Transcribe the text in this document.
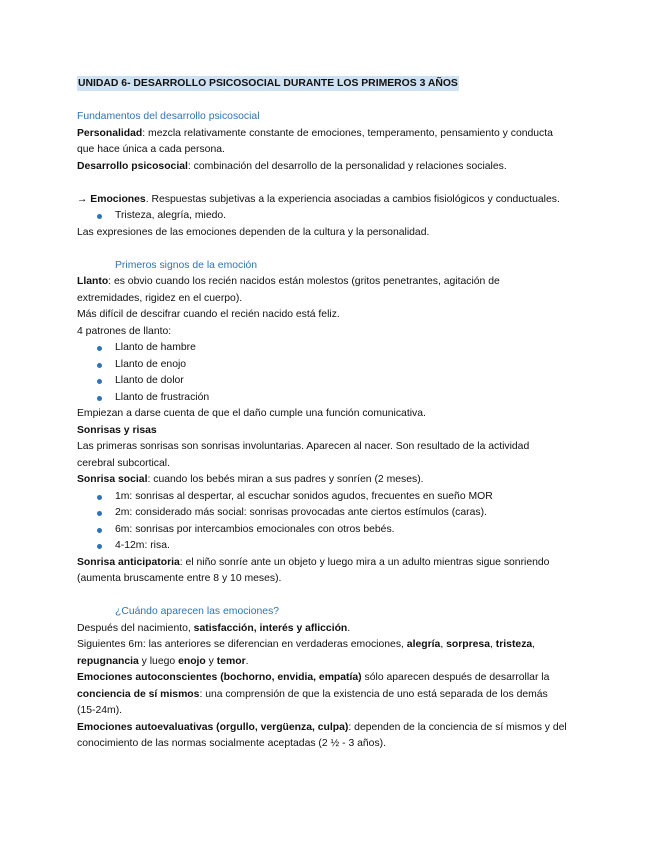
UNIDAD 6- DESARROLLO PSICOSOCIAL DURANTE LOS PRIMEROS 3 AÑOS
Fundamentos del desarrollo psicosocial
Personalidad: mezcla relativamente constante de emociones, temperamento, pensamiento y conducta
que hace única a cada persona.
Desarrollo psicosocial: combinación del desarrollo de la personalidad y relaciones sociales.
→ Emociones. Respuestas subjetivas a la experiencia asociadas a cambios fisiológicos y conductuales.
Tristeza, alegría, miedo.
Las expresiones de las emociones dependen de la cultura y la personalidad.
Primeros signos de la emoción
Llanto: es obvio cuando los recién nacidos están molestos (gritos penetrantes, agitación de
extremidades, rigidez en el cuerpo).
Más difícil de descifrar cuando el recién nacido está feliz.
4 patrones de llanto:
Llanto de hambre
Llanto de enojo
Llanto de dolor
Llanto de frustración
Empiezan a darse cuenta de que el daño cumple una función comunicativa.
Sonrisas y risas
Las primeras sonrisas son sonrisas involuntarias. Aparecen al nacer. Son resultado de la actividad
cerebral subcortical.
Sonrisa social: cuando los bebés miran a sus padres y sonríen (2 meses).
1m: sonrisas al despertar, al escuchar sonidos agudos, frecuentes en sueño MOR
2m: considerado más social: sonrisas provocadas ante ciertos estímulos (caras).
6m: sonrisas por intercambios emocionales con otros bebés.
4-12m: risa.
Sonrisa anticipatoria: el niño sonríe ante un objeto y luego mira a un adulto mientras sigue sonriendo
(aumenta bruscamente entre 8 y 10 meses).
¿Cuándo aparecen las emociones?
Después del nacimiento, satisfacción, interés y aflicción.
Siguientes 6m: las anteriores se diferencian en verdaderas emociones, alegría, sorpresa, tristeza,
repugnancia y luego enojo y temor.
Emociones autoconscientes (bochorno, envidia, empatía) sólo aparecen después de desarrollar la
conciencia de sí mismos: una comprensión de que la existencia de uno está separada de los demás
(15-24m).
Emociones autoevaluativas (orgullo, vergüenza, culpa): dependen de la conciencia de sí mismos y del
conocimiento de las normas socialmente aceptadas (2 ½ - 3 años).
